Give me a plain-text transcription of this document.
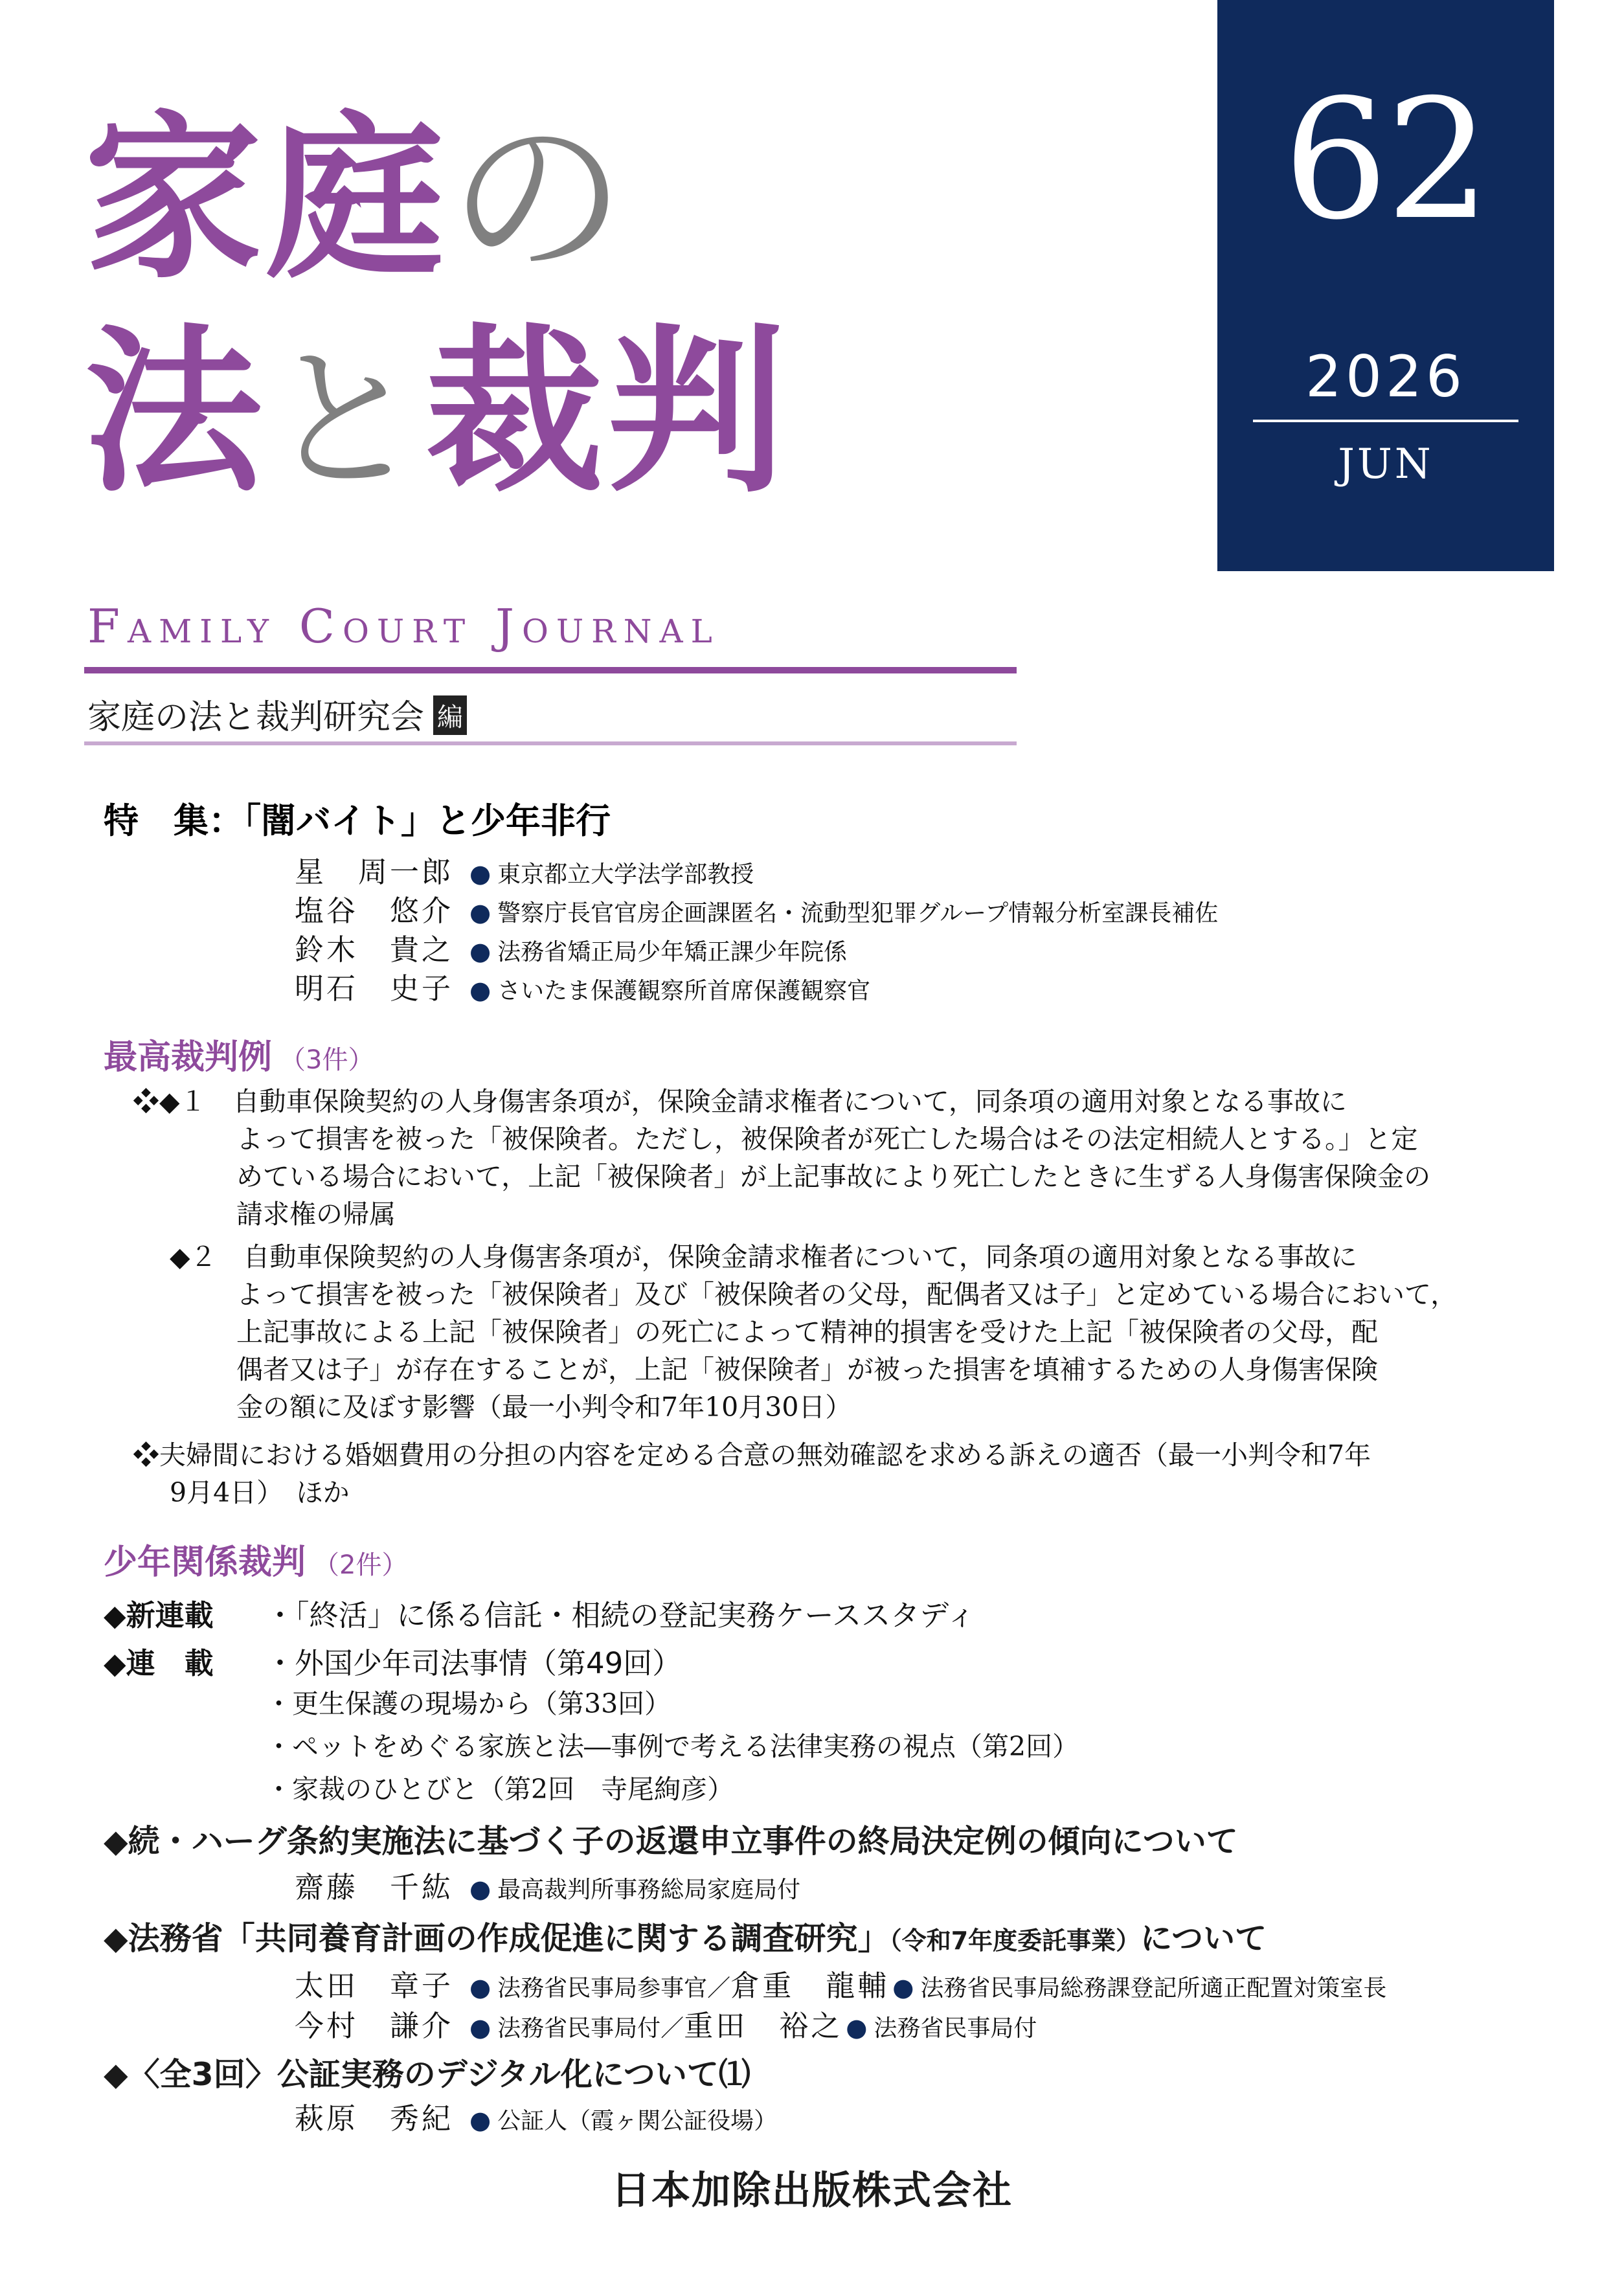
家庭の
法と裁判
Family Court Journal
家庭の法と裁判研究会 編
62
2026
JUN
特　集：「闇バイト」と少年非行
星　周一郎 ● 東京都立大学法学部教授
塩谷　悠介 ● 警察庁長官官房企画課匿名・流動型犯罪グループ情報分析室課長補佐
鈴木　貴之 ● 法務省矯正局少年矯正課少年院係
明石　史子 ● さいたま保護観察所首席保護観察官
最高裁判例 （3件）
❖◆１　自動車保険契約の人身傷害条項が，保険金請求権者について，同条項の適用対象となる事故に
よって損害を被った「被保険者。ただし，被保険者が死亡した場合はその法定相続人とする。」と定
めている場合において，上記「被保険者」が上記事故により死亡したときに生ずる人身傷害保険金の
請求権の帰属
◆２　自動車保険契約の人身傷害条項が，保険金請求権者について，同条項の適用対象となる事故に
よって損害を被った「被保険者」及び「被保険者の父母，配偶者又は子」と定めている場合において，
上記事故による上記「被保険者」の死亡によって精神的損害を受けた上記「被保険者の父母，配
偶者又は子」が存在することが，上記「被保険者」が被った損害を填補するための人身傷害保険
金の額に及ぼす影響（最一小判令和7年10月30日）
❖夫婦間における婚姻費用の分担の内容を定める合意の無効確認を求める訴えの適否（最一小判令和7年
9月4日）　ほか
少年関係裁判 （2件）
◆新連載 ・「終活」に係る信託・相続の登記実務ケーススタディ
◆連　載 ・外国少年司法事情（第49回）
・更生保護の現場から（第33回）
・ペットをめぐる家族と法―事例で考える法律実務の視点（第2回）
・家裁のひとびと（第2回　寺尾絢彦）
◆続・ハーグ条約実施法に基づく子の返還申立事件の終局決定例の傾向について
齋藤　千紘 ● 最高裁判所事務総局家庭局付
◆法務省「共同養育計画の作成促進に関する調査研究」（令和7年度委託事業）について
太田　章子 ● 法務省民事局参事官／倉重　龍輔 ● 法務省民事局総務課登記所適正配置対策室長
今村　謙介 ● 法務省民事局付／重田　裕之 ● 法務省民事局付
◆〈全3回〉公証実務のデジタル化について⑴
萩原　秀紀 ● 公証人（霞ヶ関公証役場）
日本加除出版株式会社
